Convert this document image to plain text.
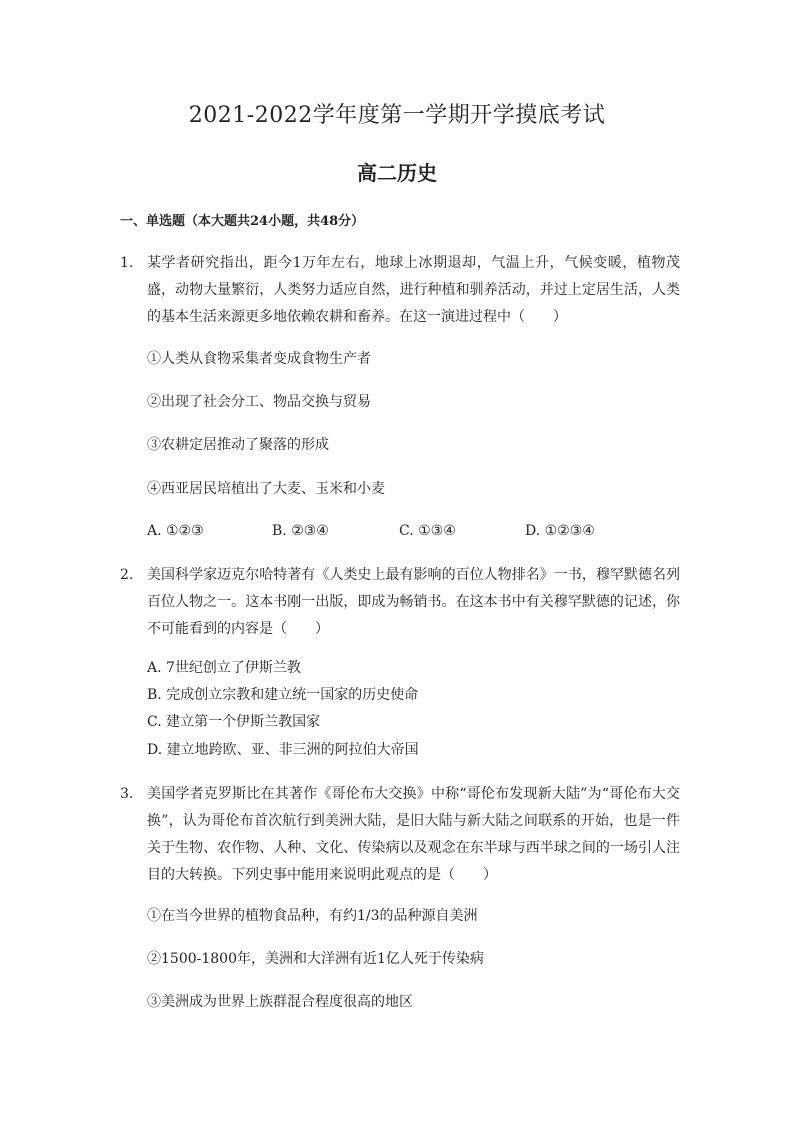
2021-2022学年度第一学期开学摸底考试
高二历史
一、单选题（本大题共24小题，共48分）
1. 某学者研究指出，距今1万年左右，地球上冰期退却，气温上升，气候变暖，植物茂盛，动物大量繁衍，人类努力适应自然，进行种植和驯养活动，并过上定居生活，人类的基本生活来源更多地依赖农耕和畜养。在这一演进过程中（　　）
①人类从食物采集者变成食物生产者
②出现了社会分工、物品交换与贸易
③农耕定居推动了聚落的形成
④西亚居民培植出了大麦、玉米和小麦
A. ①②③	B. ②③④	C. ①③④	D. ①②③④
2. 美国科学家迈克尔哈特著有《人类史上最有影响的百位人物排名》一书，穆罕默德名列百位人物之一。这本书刚一出版，即成为畅销书。在这本书中有关穆罕默德的记述，你不可能看到的内容是（　　）
A. 7世纪创立了伊斯兰教
B. 完成创立宗教和建立统一国家的历史使命
C. 建立第一个伊斯兰教国家
D. 建立地跨欧、亚、非三洲的阿拉伯大帝国
3. 美国学者克罗斯比在其著作《哥伦布大交换》中称“哥伦布发现新大陆”为“哥伦布大交换”，认为哥伦布首次航行到美洲大陆，是旧大陆与新大陆之间联系的开始，也是一件关于生物、农作物、人种、文化、传染病以及观念在东半球与西半球之间的一场引人注目的大转换。下列史事中能用来说明此观点的是（　　）
①在当今世界的植物食品种，有约1/3的品种源自美洲
②1500-1800年，美洲和大洋洲有近1亿人死于传染病
③美洲成为世界上族群混合程度很高的地区
